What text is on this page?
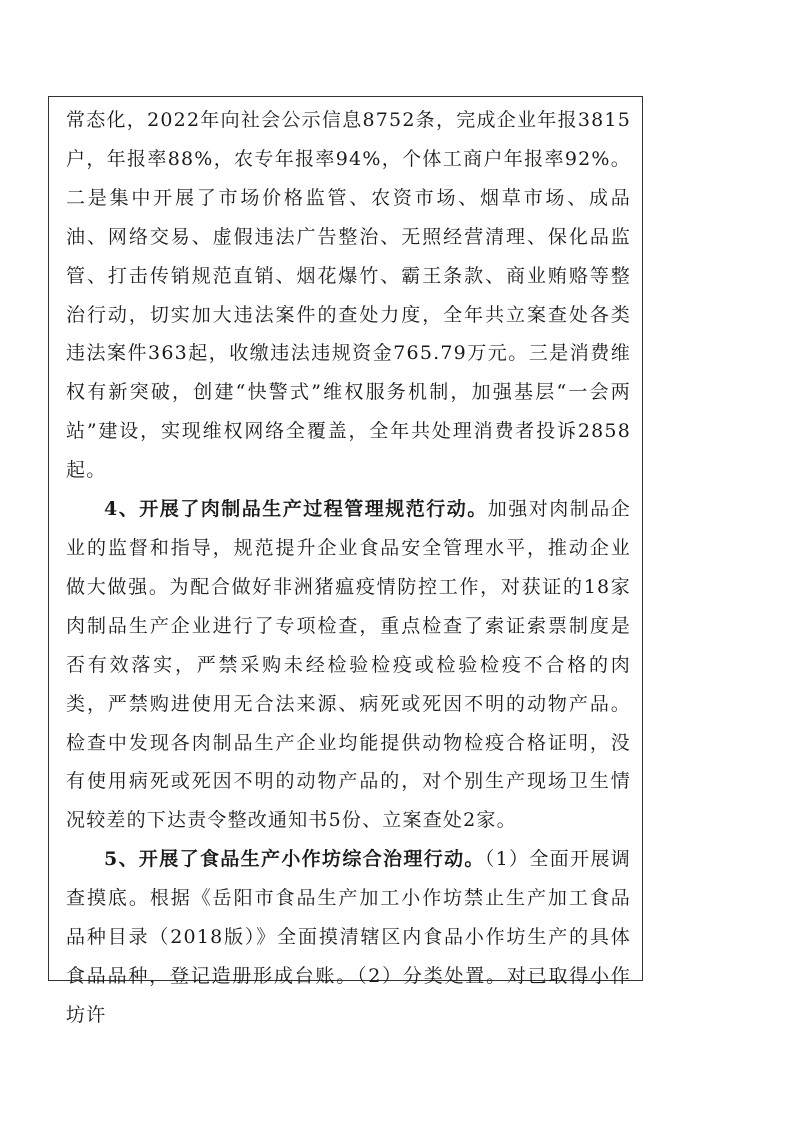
常态化，2022年向社会公示信息8752条，完成企业年报3815户，年报率88%，农专年报率94%，个体工商户年报率92%。二是集中开展了市场价格监管、农资市场、烟草市场、成品油、网络交易、虚假违法广告整治、无照经营清理、保化品监管、打击传销规范直销、烟花爆竹、霸王条款、商业贿赂等整治行动，切实加大违法案件的查处力度，全年共立案查处各类违法案件363起，收缴违法违规资金765.79万元。三是消费维权有新突破，创建“快警式”维权服务机制，加强基层“一会两站”建设，实现维权网络全覆盖，全年共处理消费者投诉2858起。

4、开展了肉制品生产过程管理规范行动。加强对肉制品企业的监督和指导，规范提升企业食品安全管理水平，推动企业做大做强。为配合做好非洲猪瘟疫情防控工作，对获证的18家肉制品生产企业进行了专项检查，重点检查了索证索票制度是否有效落实，严禁采购未经检验检疫或检验检疫不合格的肉类，严禁购进使用无合法来源、病死或死因不明的动物产品。检查中发现各肉制品生产企业均能提供动物检疫合格证明，没有使用病死或死因不明的动物产品的，对个别生产现场卫生情况较差的下达责令整改通知书5份、立案查处2家。

5、开展了食品生产小作坊综合治理行动。（1）全面开展调查摸底。根据《岳阳市食品生产加工小作坊禁止生产加工食品品种目录（2018版）》全面摸清辖区内食品小作坊生产的具体食品品种，登记造册形成台账。（2）分类处置。对已取得小作坊许
